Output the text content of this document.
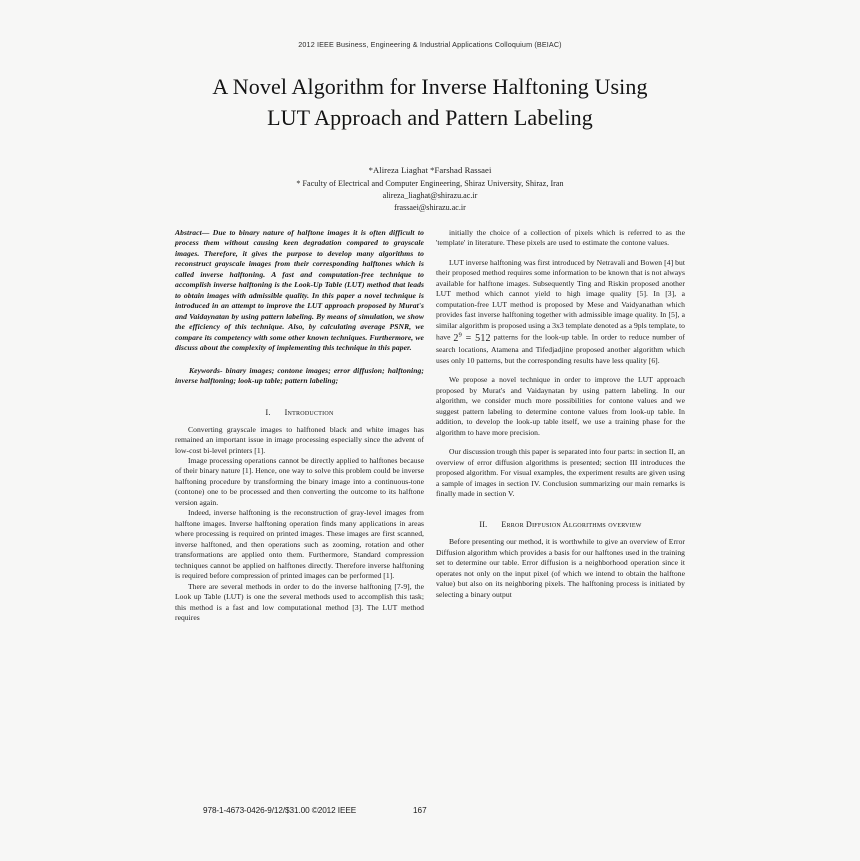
2012 IEEE Business, Engineering & Industrial Applications Colloquium (BEIAC)
A Novel Algorithm for Inverse Halftoning Using
LUT Approach and Pattern Labeling
*Alireza Liaghat *Farshad Rassaei
* Faculty of Electrical and Computer Engineering, Shiraz University, Shiraz, Iran
alireza_liaghat@shirazu.ac.ir
frassaei@shirazu.ac.ir
Abstract— Due to binary nature of halftone images it is often difficult to process them without causing keen degradation compared to grayscale images. Therefore, it gives the purpose to develop many algorithms to reconstruct grayscale images from their corresponding halftones which is called inverse halftoning. A fast and computation-free technique to accomplish inverse halftoning is the Look-Up Table (LUT) method that leads to obtain images with admissible quality. In this paper a novel technique is introduced in an attempt to improve the LUT approach proposed by Murat's and Vaidaynatan by using pattern labeling. By means of simulation, we show the efficiency of this technique. Also, by calculating average PSNR, we compare its competency with some other known techniques. Furthermore, we discuss about the complexity of implementing this technique in this paper.
Keywords- binary images; contone images; error diffusion; halftoning; inverse halftoning; look-up table; pattern labeling;
I. Introduction

Converting grayscale images to halftoned black and white images has remained an important issue in image processing especially since the advent of low-cost bi-level printers [1].

Image processing operations cannot be directly applied to halftones because of their binary nature [1]. Hence, one way to solve this problem could be inverse halftoning procedure by transforming the binary image into a continuous-tone (contone) one to be processed and then converting the outcome to its halftone version again.

Indeed, inverse halftoning is the reconstruction of gray-level images from halftone images. Inverse halftoning operation finds many applications in areas where processing is required on printed images. These images are first scanned, inverse halftoned, and then operations such as zooming, rotation and other transformations are applied onto them. Furthermore, Standard compression techniques cannot be applied on halftones directly. Therefore inverse halftoning is required before compression of printed images can be performed [1].

There are several methods in order to do the inverse halftoning [7-9], the Look up Table (LUT) is one the several methods used to accomplish this task; this method is a fast and low computational method [3]. The LUT method requires

initially the choice of a collection of pixels which is referred to as the 'template' in literature. These pixels are used to estimate the contone values.

LUT inverse halftoning was first introduced by Netravali and Bowen [4] but their proposed method requires some information to be known that is not always available for halftone images. Subsequently Ting and Riskin proposed another LUT method which cannot yield to high image quality [5]. In [3], a computation-free LUT method is proposed by Mese and Vaidyanathan which provides fast inverse halftoning together with admissible image quality. In [5], a similar algorithm is proposed using a 3x3 template denoted as a 9pls template, to have $2^9 = 512$ patterns for the look-up table. In order to reduce number of search locations, Atamena and Tifedjadjine proposed another algorithm which uses only 10 patterns, but the corresponding results have less quality [6].

We propose a novel technique in order to improve the LUT approach proposed by Murat's and Vaidaynatan by using pattern labeling. In our algorithm, we consider much more possibilities for contone values and we suggest pattern labeling to determine contone values from look-up table. In addition, to develop the look-up table itself, we use a training phase for the algorithm to have more precision.

Our discussion trough this paper is separated into four parts: in section II, an overview of error diffusion algorithms is presented; section III introduces the proposed algorithm. For visual examples, the experiment results are given using a sample of images in section IV. Conclusion summarizing our main remarks is finally made in section V.

II. Error Diffusion Algorithms overview

Before presenting our method, it is worthwhile to give an overview of Error Diffusion algorithm which provides a basis for our halftones used in the training set to determine our table. Error diffusion is a neighborhood operation since it operates not only on the input pixel (of which we intend to obtain the halftone value) but also on its neighboring pixels. The halftoning process is initiated by selecting a binary output

978-1-4673-0426-9/12/$31.00 ©2012 IEEE	167
